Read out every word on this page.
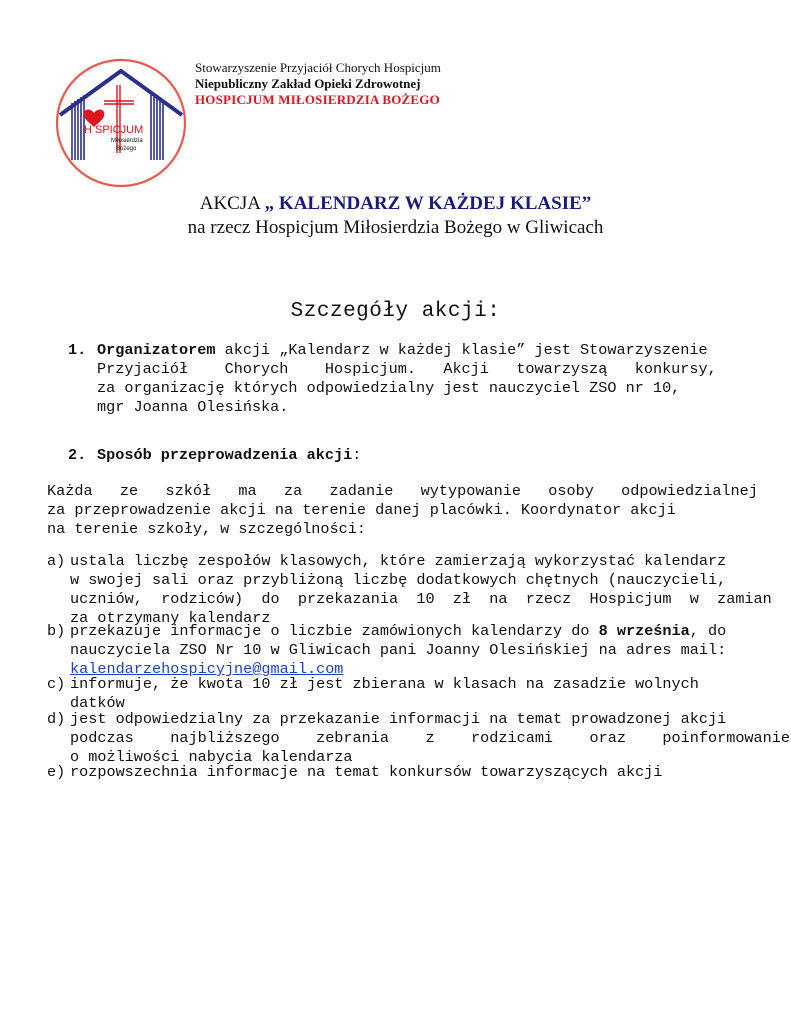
H SPICJUM
Miłosierdzia
Bożego
Stowarzyszenie Przyjaciół Chorych Hospicjum
Niepubliczny Zakład Opieki Zdrowotnej
HOSPICJUM MIŁOSIERDZIA BOŻEGO
AKCJA „ KALENDARZ W KAŻDEJ KLASIE”
na rzecz Hospicjum Miłosierdzia Bożego w Gliwicach
Szczegóły akcji:
1. Organizatorem akcji „Kalendarz w każdej klasie” jest Stowarzyszenie
Przyjaciół    Chorych    Hospicjum.   Akcji   towarzyszą   konkursy,
za organizację których odpowiedzialny jest nauczyciel ZSO nr 10,
mgr Joanna Olesińska.
2. Sposób przeprowadzenia akcji:
Każda   ze   szkół   ma   za   zadanie   wytypowanie   osoby   odpowiedzialnej
za przeprowadzenie akcji na terenie danej placówki. Koordynator akcji
na terenie szkoły, w szczególności:
a) ustala liczbę zespołów klasowych, które zamierzają wykorzystać kalendarz
w swojej sali oraz przybliżoną liczbę dodatkowych chętnych (nauczycieli,
uczniów,  rodziców)  do  przekazania  10  zł  na  rzecz  Hospicjum  w  zamian
za otrzymany kalendarz
b) przekazuje informacje o liczbie zamówionych kalendarzy do 8 września, do
nauczyciela ZSO Nr 10 w Gliwicach pani Joanny Olesińskiej na adres mail:
kalendarzehospicyjne@gmail.com
c) informuje, że kwota 10 zł jest zbierana w klasach na zasadzie wolnych
datków
d) jest odpowiedzialny za przekazanie informacji na temat prowadzonej akcji
podczas    najbliższego    zebrania    z    rodzicami    oraz    poinformowanie
o możliwości nabycia kalendarza
e) rozpowszechnia informacje na temat konkursów towarzyszących akcji
